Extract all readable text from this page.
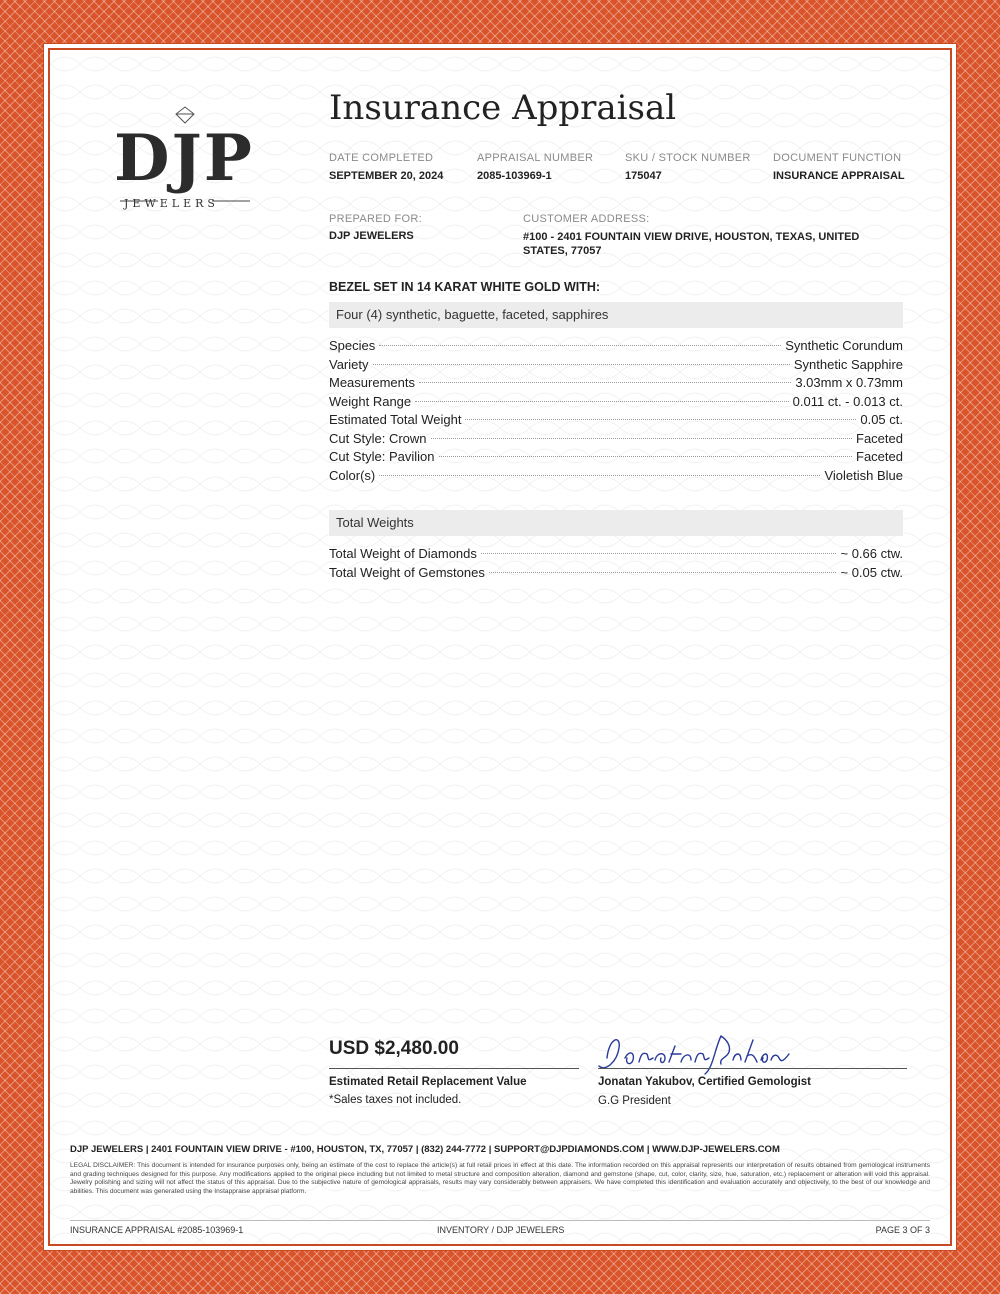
DJP
JEWELERS
Insurance Appraisal
DATE COMPLETED
SEPTEMBER 20, 2024
APPRAISAL NUMBER
2085-103969-1
SKU / STOCK NUMBER
175047
DOCUMENT FUNCTION
INSURANCE APPRAISAL
PREPARED FOR:
DJP JEWELERS
CUSTOMER ADDRESS:
#100 - 2401 FOUNTAIN VIEW DRIVE, HOUSTON, TEXAS, UNITED STATES, 77057
BEZEL SET IN 14 KARAT WHITE GOLD WITH:
Four (4) synthetic, baguette, faceted, sapphires
Species	Synthetic Corundum
Variety	Synthetic Sapphire
Measurements	3.03mm x 0.73mm
Weight Range	0.011 ct. - 0.013 ct.
Estimated Total Weight	0.05 ct.
Cut Style: Crown	Faceted
Cut Style: Pavilion	Faceted
Color(s)	Violetish Blue
Total Weights
Total Weight of Diamonds	~ 0.66 ctw.
Total Weight of Gemstones	~ 0.05 ctw.
USD $2,480.00
Estimated Retail Replacement Value
*Sales taxes not included.
Jonatan Yakubov, Certified Gemologist
G.G President
DJP JEWELERS | 2401 FOUNTAIN VIEW DRIVE - #100, HOUSTON, TX, 77057 | (832) 244-7772 | SUPPORT@DJPDIAMONDS.COM | WWW.DJP-JEWELERS.COM
LEGAL DISCLAIMER: This document is intended for insurance purposes only, being an estimate of the cost to replace the article(s) at full retail prices in effect at this date. The information recorded on this appraisal represents our interpretation of results obtained from gemological instruments and grading techniques designed for this purpose. Any modifications applied to the original piece including but not limited to metal structure and composition alteration, diamond and gemstone (shape, cut, color, clarity, size, hue, saturation, etc.) replacement or alteration will void this appraisal. Jewelry polishing and sizing will not affect the status of this appraisal. Due to the subjective nature of gemological appraisals, results may vary considerably between appraisers. We have completed this identification and evaluation accurately and objectively, to the best of our knowledge and abilities. This document was generated using the Instappraise appraisal platform.
INSURANCE APPRAISAL #2085-103969-1	INVENTORY / DJP JEWELERS	PAGE 3 OF 3
